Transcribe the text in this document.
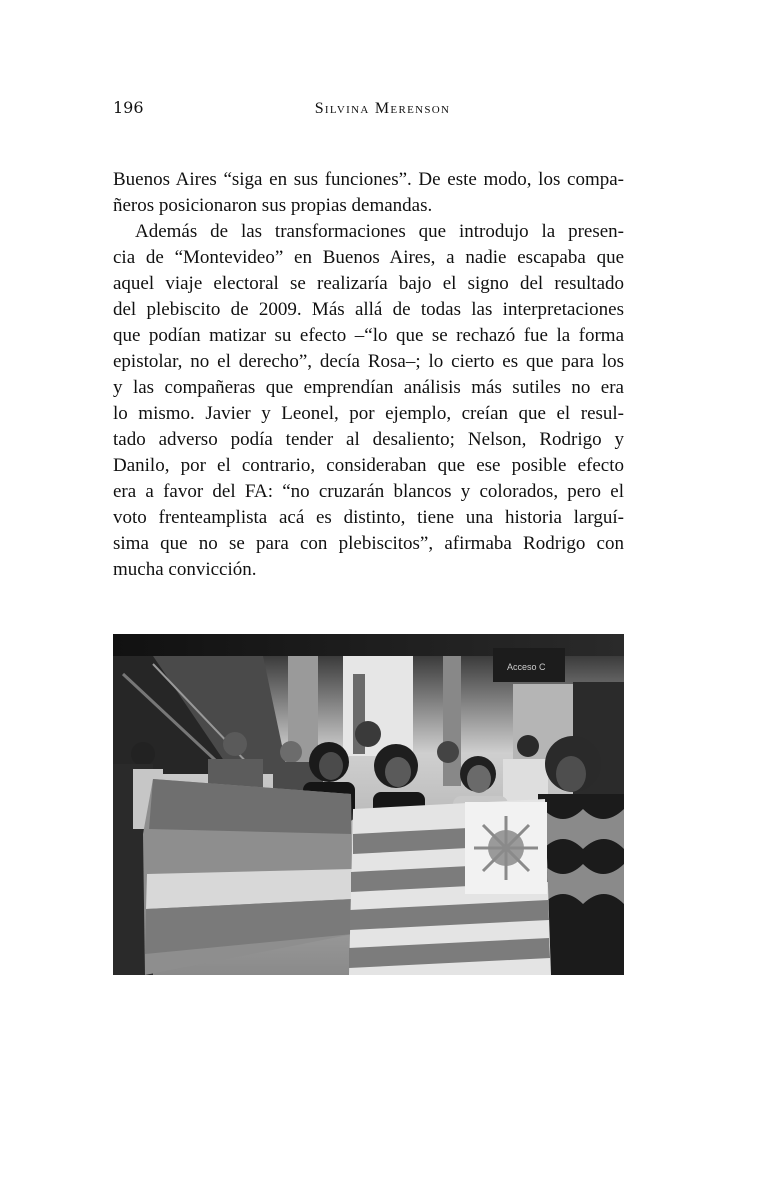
196	Silvina Merenson
Buenos Aires “siga en sus funciones”. De este modo, los compa-
ñeros posicionaron sus propias demandas.
Además de las transformaciones que introdujo la presen-
cia de “Montevideo” en Buenos Aires, a nadie escapaba que
aquel viaje electoral se realizaría bajo el signo del resultado
del plebiscito de 2009. Más allá de todas las interpretaciones
que podían matizar su efecto –“lo que se rechazó fue la forma
epistolar, no el derecho”, decía Rosa–; lo cierto es que para los
y las compañeras que emprendían análisis más sutiles no era
lo mismo. Javier y Leonel, por ejemplo, creían que el resul-
tado adverso podía tender al desaliento; Nelson, Rodrigo y
Danilo, por el contrario, consideraban que ese posible efecto
era a favor del FA: “no cruzarán blancos y colorados, pero el
voto frenteamplista acá es distinto, tiene una historia larguí-
sima que no se para con plebiscitos”, afirmaba Rodrigo con
mucha convicción.
Acceso C
